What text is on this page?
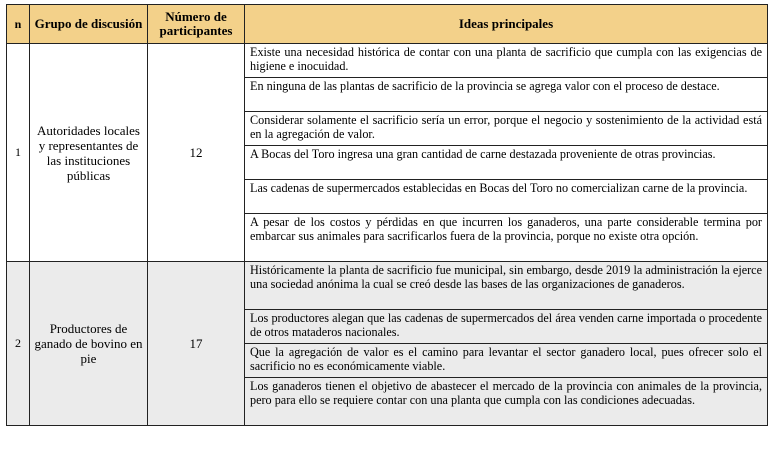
n	Grupo de discusión	Número de participantes	Ideas principales
1	Autoridades locales y representantes de las instituciones públicas	12	Existe una necesidad histórica de contar con una planta de sacrificio que cumpla con las exigencias de higiene e inocuidad.
			En ninguna de las plantas de sacrificio de la provincia se agrega valor con el proceso de destace.
			Considerar solamente el sacrificio sería un error, porque el negocio y sostenimiento de la actividad está en la agregación de valor.
			A Bocas del Toro ingresa una gran cantidad de carne destazada proveniente de otras provincias.
			Las cadenas de supermercados establecidas en Bocas del Toro no comercializan carne de la provincia.
			A pesar de los costos y pérdidas en que incurren los ganaderos, una parte considerable termina por embarcar sus animales para sacrificarlos fuera de la provincia, porque no existe otra opción.
2	Productores de ganado de bovino en pie	17	Históricamente la planta de sacrificio fue municipal, sin embargo, desde 2019 la administración la ejerce una sociedad anónima la cual se creó desde las bases de las organizaciones de ganaderos.
			Los productores alegan que las cadenas de supermercados del área venden carne importada o procedente de otros mataderos nacionales.
			Que la agregación de valor es el camino para levantar el sector ganadero local, pues ofrecer solo el sacrificio no es económicamente viable.
			Los ganaderos tienen el objetivo de abastecer el mercado de la provincia con animales de la provincia, pero para ello se requiere contar con una planta que cumpla con las condiciones adecuadas.
